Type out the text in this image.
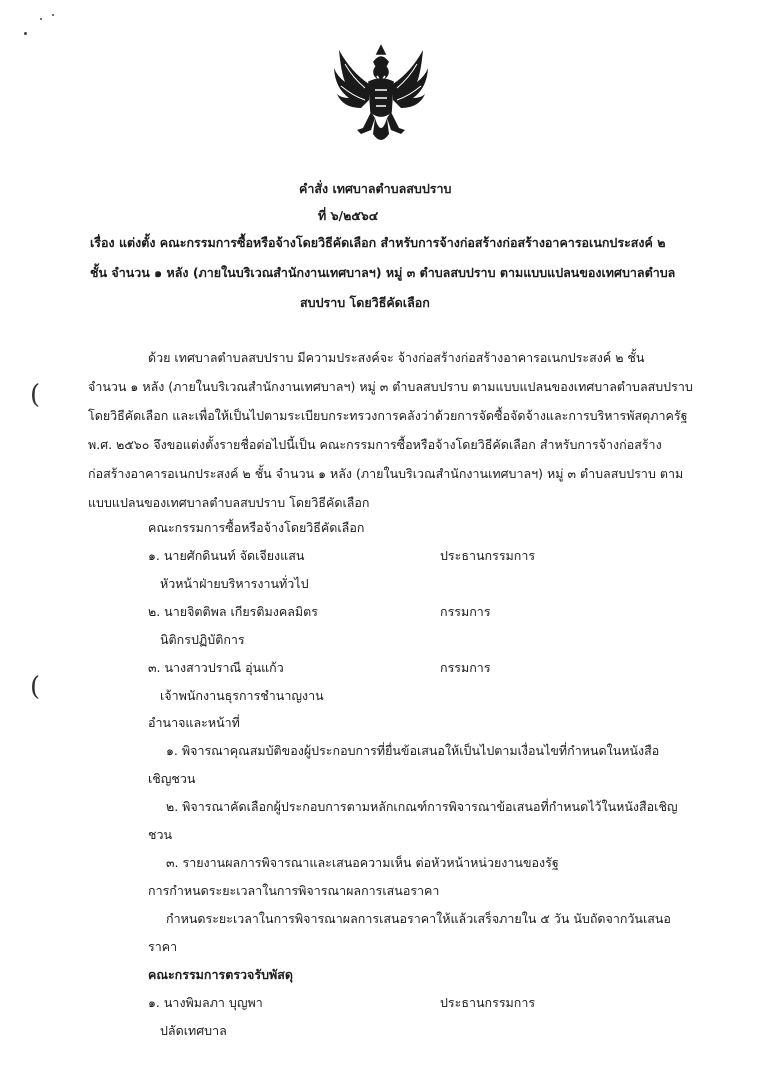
(
(
คำสั่ง เทศบาลตำบลสบปราบ
ที่ ๖/๒๕๖๔
เรื่อง แต่งตั้ง คณะกรรมการซื้อหรือจ้างโดยวิธีคัดเลือก สำหรับการจ้างก่อสร้างก่อสร้างอาคารอเนกประสงค์ ๒
ชั้น จำนวน ๑ หลัง (ภายในบริเวณสำนักงานเทศบาลฯ) หมู่ ๓ ตำบลสบปราบ ตามแบบแปลนของเทศบาลตำบล
สบปราบ โดยวิธีคัดเลือก
ด้วย เทศบาลตำบลสบปราบ มีความประสงค์จะ จ้างก่อสร้างก่อสร้างอาคารอเนกประสงค์ ๒ ชั้น
จำนวน ๑ หลัง (ภายในบริเวณสำนักงานเทศบาลฯ) หมู่ ๓ ตำบลสบปราบ ตามแบบแปลนของเทศบาลตำบลสบปราบ
โดยวิธีคัดเลือก และเพื่อให้เป็นไปตามระเบียบกระทรวงการคลังว่าด้วยการจัดซื้อจัดจ้างและการบริหารพัสดุภาครัฐ
พ.ศ. ๒๕๖๐ จึงขอแต่งตั้งรายชื่อต่อไปนี้เป็น คณะกรรมการซื้อหรือจ้างโดยวิธีคัดเลือก สำหรับการจ้างก่อสร้าง
ก่อสร้างอาคารอเนกประสงค์ ๒ ชั้น จำนวน ๑ หลัง (ภายในบริเวณสำนักงานเทศบาลฯ) หมู่ ๓ ตำบลสบปราบ ตาม
แบบแปลนของเทศบาลตำบลสบปราบ โดยวิธีคัดเลือก
คณะกรรมการซื้อหรือจ้างโดยวิธีคัดเลือก
๑. นายศักดินนท์ จัดเจียงแสน	ประธานกรรมการ
หัวหน้าฝ่ายบริหารงานทั่วไป
๒. นายจิตติพล เกียรติมงคลมิตร	กรรมการ
นิติกรปฏิบัติการ
๓. นางสาวปราณี อุ่นแก้ว	กรรมการ
เจ้าพนักงานธุรการชำนาญงาน
อำนาจและหน้าที่
๑. พิจารณาคุณสมบัติของผู้ประกอบการที่ยื่นข้อเสนอให้เป็นไปตามเงื่อนไขที่กำหนดในหนังสือ
เชิญชวน
๒. พิจารณาคัดเลือกผู้ประกอบการตามหลักเกณฑ์การพิจารณาข้อเสนอที่กำหนดไว้ในหนังสือเชิญ
ชวน
๓. รายงานผลการพิจารณาและเสนอความเห็น ต่อหัวหน้าหน่วยงานของรัฐ
การกำหนดระยะเวลาในการพิจารณาผลการเสนอราคา
กำหนดระยะเวลาในการพิจารณาผลการเสนอราคาให้แล้วเสร็จภายใน ๕ วัน นับถัดจากวันเสนอ
ราคา
คณะกรรมการตรวจรับพัสดุ
๑. นางพิมลภา บุญพา	ประธานกรรมการ
ปลัดเทศบาล
